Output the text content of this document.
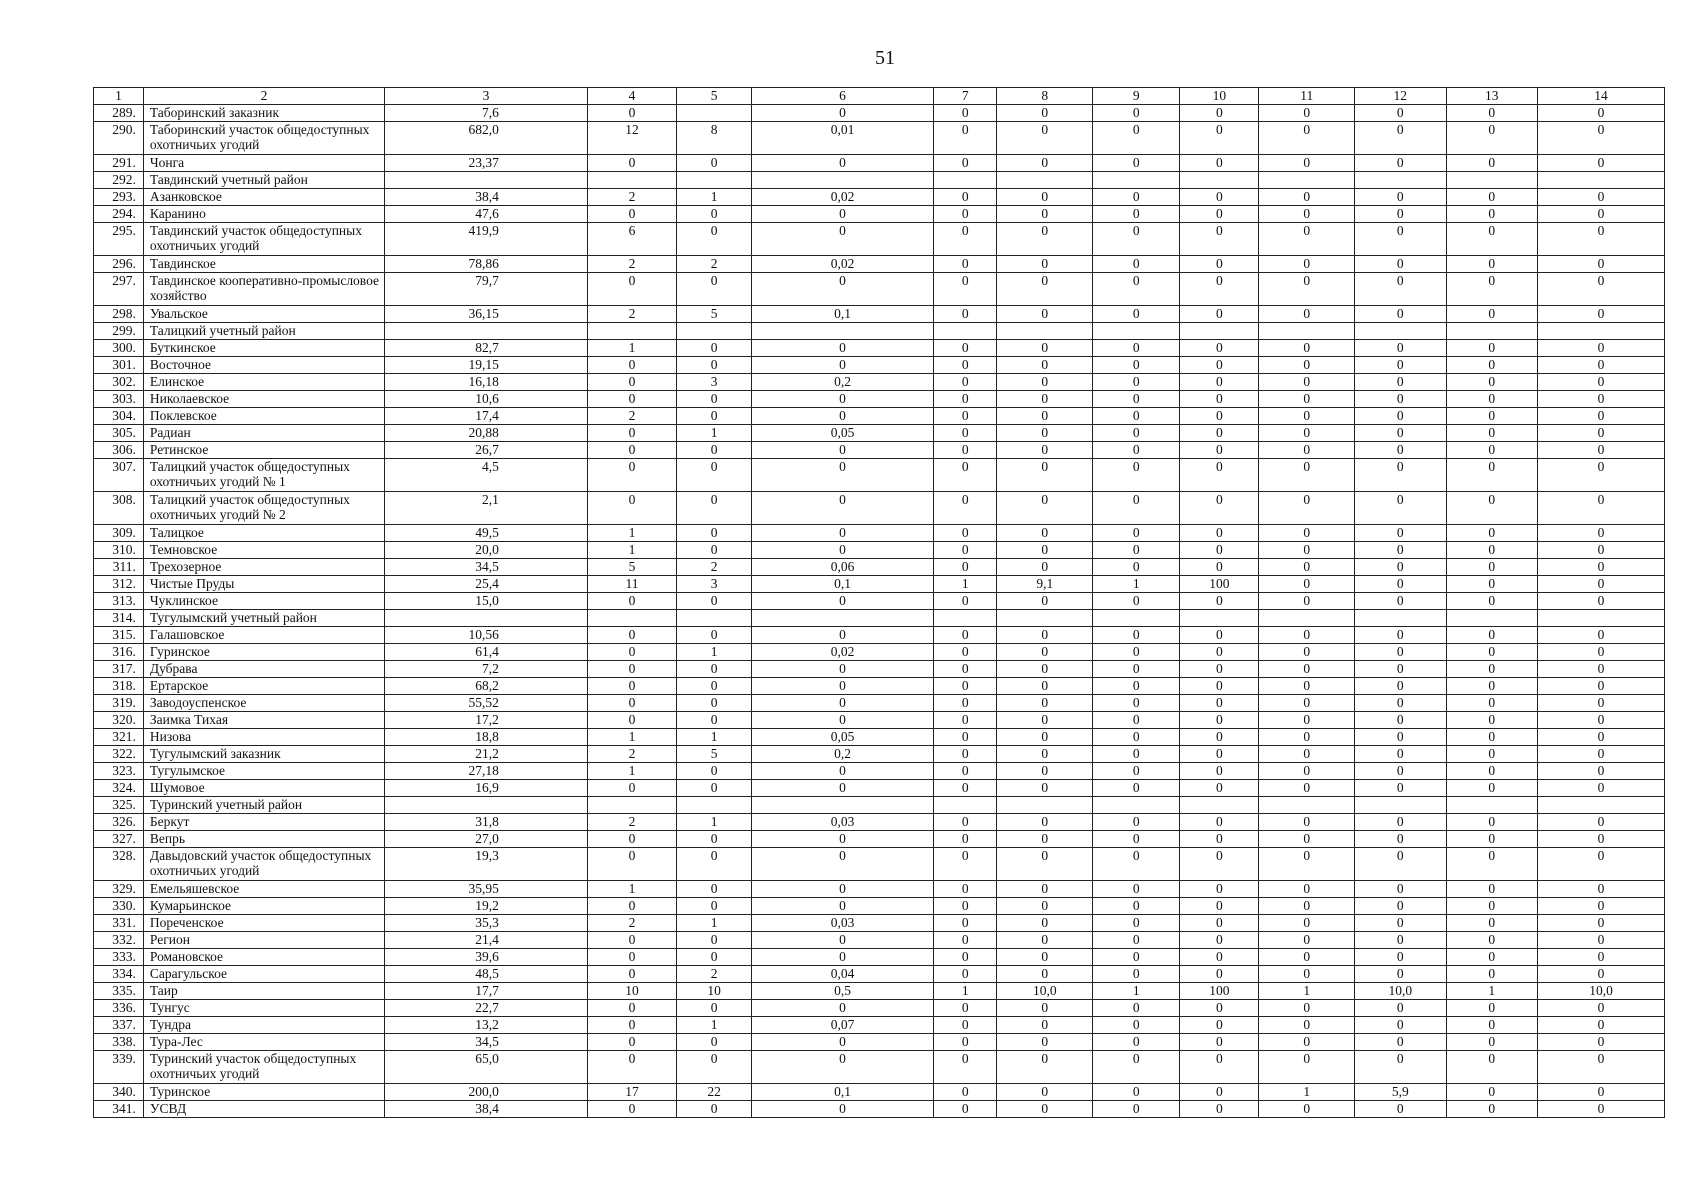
51
1	2	3	4	5	6	7	8	9	10	11	12	13	14
289.	Таборинский заказник	7,6	0		0	0	0	0	0	0	0	0	0
290.	Таборинский участок общедоступных охотничьих угодий	682,0	12	8	0,01	0	0	0	0	0	0	0	0
291.	Чонга	23,37	0	0	0	0	0	0	0	0	0	0	0
292.	Тавдинский учетный район												
293.	Азанковское	38,4	2	1	0,02	0	0	0	0	0	0	0	0
294.	Каранино	47,6	0	0	0	0	0	0	0	0	0	0	0
295.	Тавдинский участок общедоступных охотничьих угодий	419,9	6	0	0	0	0	0	0	0	0	0	0
296.	Тавдинское	78,86	2	2	0,02	0	0	0	0	0	0	0	0
297.	Тавдинское кооперативно-промысловое хозяйство	79,7	0	0	0	0	0	0	0	0	0	0	0
298.	Увальское	36,15	2	5	0,1	0	0	0	0	0	0	0	0
299.	Талицкий учетный район												
300.	Буткинское	82,7	1	0	0	0	0	0	0	0	0	0	0
301.	Восточное	19,15	0	0	0	0	0	0	0	0	0	0	0
302.	Елинское	16,18	0	3	0,2	0	0	0	0	0	0	0	0
303.	Николаевское	10,6	0	0	0	0	0	0	0	0	0	0	0
304.	Поклевское	17,4	2	0	0	0	0	0	0	0	0	0	0
305.	Радиан	20,88	0	1	0,05	0	0	0	0	0	0	0	0
306.	Ретинское	26,7	0	0	0	0	0	0	0	0	0	0	0
307.	Талицкий участок общедоступных охотничьих угодий № 1	4,5	0	0	0	0	0	0	0	0	0	0	0
308.	Талицкий участок общедоступных охотничьих угодий № 2	2,1	0	0	0	0	0	0	0	0	0	0	0
309.	Талицкое	49,5	1	0	0	0	0	0	0	0	0	0	0
310.	Темновское	20,0	1	0	0	0	0	0	0	0	0	0	0
311.	Трехозерное	34,5	5	2	0,06	0	0	0	0	0	0	0	0
312.	Чистые Пруды	25,4	11	3	0,1	1	9,1	1	100	0	0	0	0
313.	Чуклинское	15,0	0	0	0	0	0	0	0	0	0	0	0
314.	Тугулымский учетный район												
315.	Галашовское	10,56	0	0	0	0	0	0	0	0	0	0	0
316.	Гуринское	61,4	0	1	0,02	0	0	0	0	0	0	0	0
317.	Дубрава	7,2	0	0	0	0	0	0	0	0	0	0	0
318.	Ертарское	68,2	0	0	0	0	0	0	0	0	0	0	0
319.	Заводоуспенское	55,52	0	0	0	0	0	0	0	0	0	0	0
320.	Заимка Тихая	17,2	0	0	0	0	0	0	0	0	0	0	0
321.	Низова	18,8	1	1	0,05	0	0	0	0	0	0	0	0
322.	Тугулымский заказник	21,2	2	5	0,2	0	0	0	0	0	0	0	0
323.	Тугулымское	27,18	1	0	0	0	0	0	0	0	0	0	0
324.	Шумовое	16,9	0	0	0	0	0	0	0	0	0	0	0
325.	Туринский учетный район												
326.	Беркут	31,8	2	1	0,03	0	0	0	0	0	0	0	0
327.	Вепрь	27,0	0	0	0	0	0	0	0	0	0	0	0
328.	Давыдовский участок общедоступных охотничьих угодий	19,3	0	0	0	0	0	0	0	0	0	0	0
329.	Емельяшевское	35,95	1	0	0	0	0	0	0	0	0	0	0
330.	Кумарьинское	19,2	0	0	0	0	0	0	0	0	0	0	0
331.	Пореченское	35,3	2	1	0,03	0	0	0	0	0	0	0	0
332.	Регион	21,4	0	0	0	0	0	0	0	0	0	0	0
333.	Романовское	39,6	0	0	0	0	0	0	0	0	0	0	0
334.	Сарагульское	48,5	0	2	0,04	0	0	0	0	0	0	0	0
335.	Таир	17,7	10	10	0,5	1	10,0	1	100	1	10,0	1	10,0
336.	Тунгус	22,7	0	0	0	0	0	0	0	0	0	0	0
337.	Тундра	13,2	0	1	0,07	0	0	0	0	0	0	0	0
338.	Тура-Лес	34,5	0	0	0	0	0	0	0	0	0	0	0
339.	Туринский участок общедоступных охотничьих угодий	65,0	0	0	0	0	0	0	0	0	0	0	0
340.	Туринское	200,0	17	22	0,1	0	0	0	0	1	5,9	0	0
341.	УСВД	38,4	0	0	0	0	0	0	0	0	0	0	0
